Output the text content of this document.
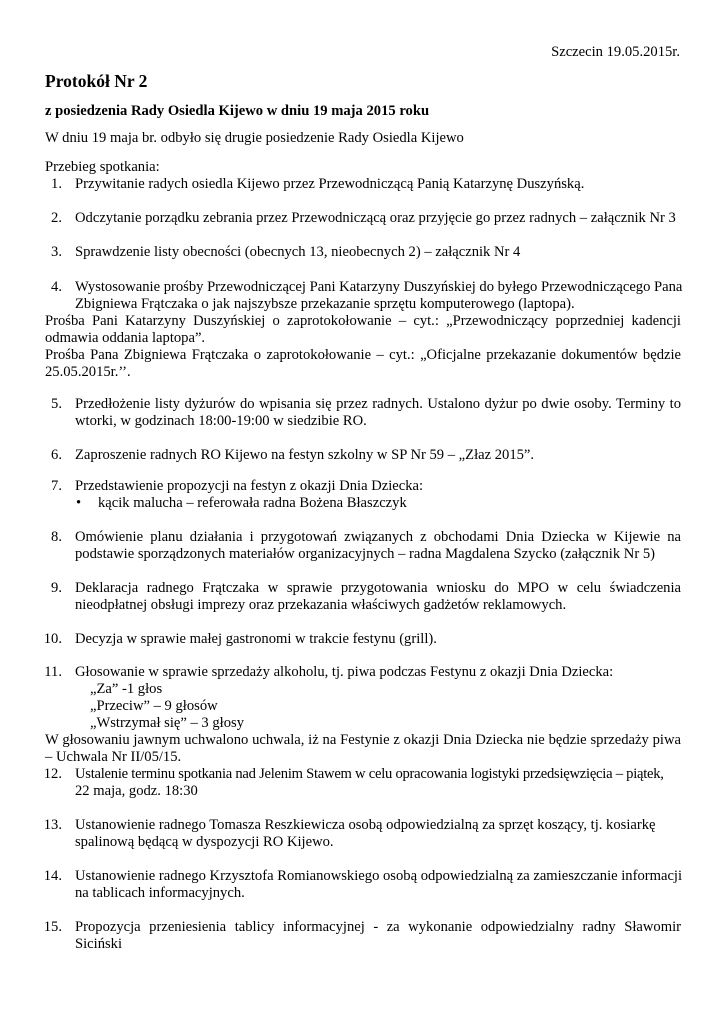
Szczecin 19.05.2015r.
Protokół Nr 2
z posiedzenia Rady Osiedla Kijewo w dniu 19 maja 2015 roku
W dniu 19 maja br. odbyło się drugie posiedzenie Rady Osiedla Kijewo
Przebieg spotkania:
1. Przywitanie radych osiedla Kijewo przez Przewodniczącą Panią Katarzynę Duszyńską.
2. Odczytanie porządku zebrania przez Przewodniczącą oraz przyjęcie go przez radnych – załącznik Nr 3
3. Sprawdzenie listy obecności (obecnych 13, nieobecnych 2) – załącznik Nr 4
4. Wystosowanie prośby Przewodniczącej Pani Katarzyny Duszyńskiej do byłego Przewodniczącego Pana
Zbigniewa Frątczaka o jak najszybsze przekazanie sprzętu komputerowego (laptopa).
Prośba Pani Katarzyny Duszyńskiej o zaprotokołowanie – cyt.: „Przewodniczący poprzedniej kadencji
odmawia oddania laptopa”.
Prośba Pana Zbigniewa Frątczaka o zaprotokołowanie – cyt.: „Oficjalne przekazanie dokumentów będzie
25.05.2015r.’’.
5. Przedłożenie listy dyżurów do wpisania się przez radnych. Ustalono dyżur po dwie osoby. Terminy to
wtorki, w godzinach 18:00-19:00 w siedzibie RO.
6. Zaproszenie radnych RO Kijewo na festyn szkolny w SP Nr 59 – „Złaz 2015”.
7. Przedstawienie propozycji na festyn z okazji Dnia Dziecka:
• kącik malucha – referowała radna Bożena Błaszczyk
8. Omówienie planu działania i przygotowań związanych z obchodami Dnia Dziecka w Kijewie na
podstawie sporządzonych materiałów organizacyjnych – radna Magdalena Szycko (załącznik Nr 5)
9. Deklaracja radnego Frątczaka w sprawie przygotowania wniosku do MPO w celu świadczenia
nieodpłatnej obsługi imprezy oraz przekazania właściwych gadżetów reklamowych.
10. Decyzja w sprawie małej gastronomi w trakcie festynu (grill).
11. Głosowanie w sprawie sprzedaży alkoholu, tj. piwa podczas Festynu z okazji Dnia Dziecka:
„Za” -1 głos
„Przeciw” – 9 głosów
„Wstrzymał się” – 3 głosy
W głosowaniu jawnym uchwalono uchwala, iż na Festynie z okazji Dnia Dziecka nie będzie sprzedaży piwa
– Uchwala Nr II/05/15.
12. Ustalenie terminu spotkania nad Jelenim Stawem w celu opracowania logistyki przedsięwzięcia – piątek,
22 maja, godz. 18:30
13. Ustanowienie radnego Tomasza Reszkiewicza osobą odpowiedzialną za sprzęt koszący, tj. kosiarkę
spalinową będącą w dyspozycji RO Kijewo.
14. Ustanowienie radnego Krzysztofa Romianowskiego osobą odpowiedzialną za zamieszczanie informacji
na tablicach informacyjnych.
15. Propozycja przeniesienia tablicy informacyjnej - za wykonanie odpowiedzialny radny Sławomir
Siciński
